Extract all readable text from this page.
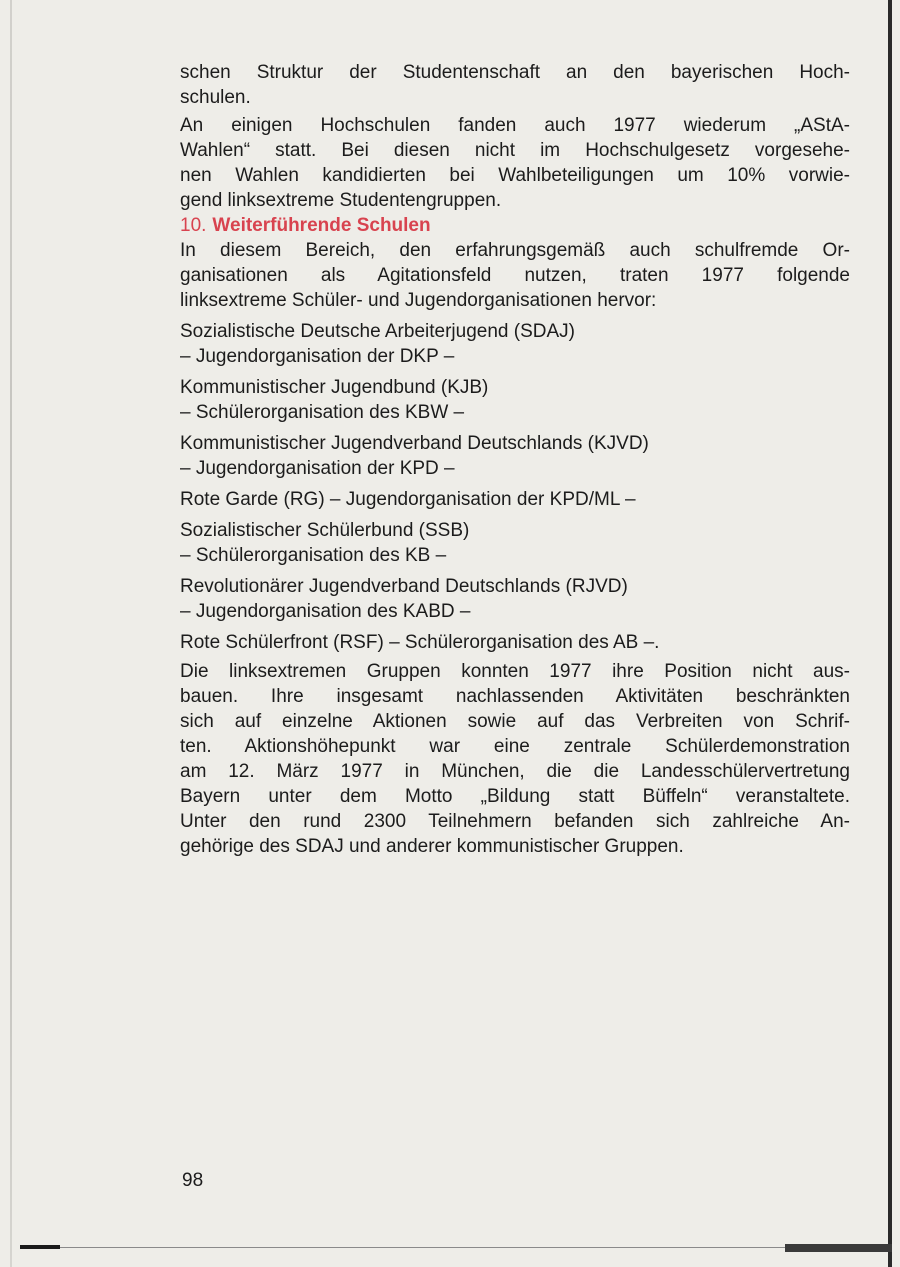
schen Struktur der Studentenschaft an den bayerischen Hoch-

schulen.

An einigen Hochschulen fanden auch 1977 wiederum „AStA-

Wahlen“ statt. Bei diesen nicht im Hochschulgesetz vorgesehe-

nen Wahlen kandidierten bei Wahlbeteiligungen um 10% vorwie-

gend linksextreme Studentengruppen.

10. Weiterführende Schulen

In diesem Bereich, den erfahrungsgemäß auch schulfremde Or-

ganisationen als Agitationsfeld nutzen, traten 1977 folgende

linksextreme Schüler- und Jugendorganisationen hervor:

Sozialistische Deutsche Arbeiterjugend (SDAJ)
– Jugendorganisation der DKP –
Kommunistischer Jugendbund (KJB)
– Schülerorganisation des KBW –
Kommunistischer Jugendverband Deutschlands (KJVD)
– Jugendorganisation der KPD –
Rote Garde (RG) – Jugendorganisation der KPD/ML –
Sozialistischer Schülerbund (SSB)
– Schülerorganisation des KB –
Revolutionärer Jugendverband Deutschlands (RJVD)
– Jugendorganisation des KABD –
Rote Schülerfront (RSF) – Schülerorganisation des AB –.

Die linksextremen Gruppen konnten 1977 ihre Position nicht aus-

bauen. Ihre insgesamt nachlassenden Aktivitäten beschränkten

sich auf einzelne Aktionen sowie auf das Verbreiten von Schrif-

ten. Aktionshöhepunkt war eine zentrale Schülerdemonstration

am 12. März 1977 in München, die die Landesschülervertretung

Bayern unter dem Motto „Bildung statt Büffeln“ veranstaltete.

Unter den rund 2300 Teilnehmern befanden sich zahlreiche An-

gehörige des SDAJ und anderer kommunistischer Gruppen.

98
